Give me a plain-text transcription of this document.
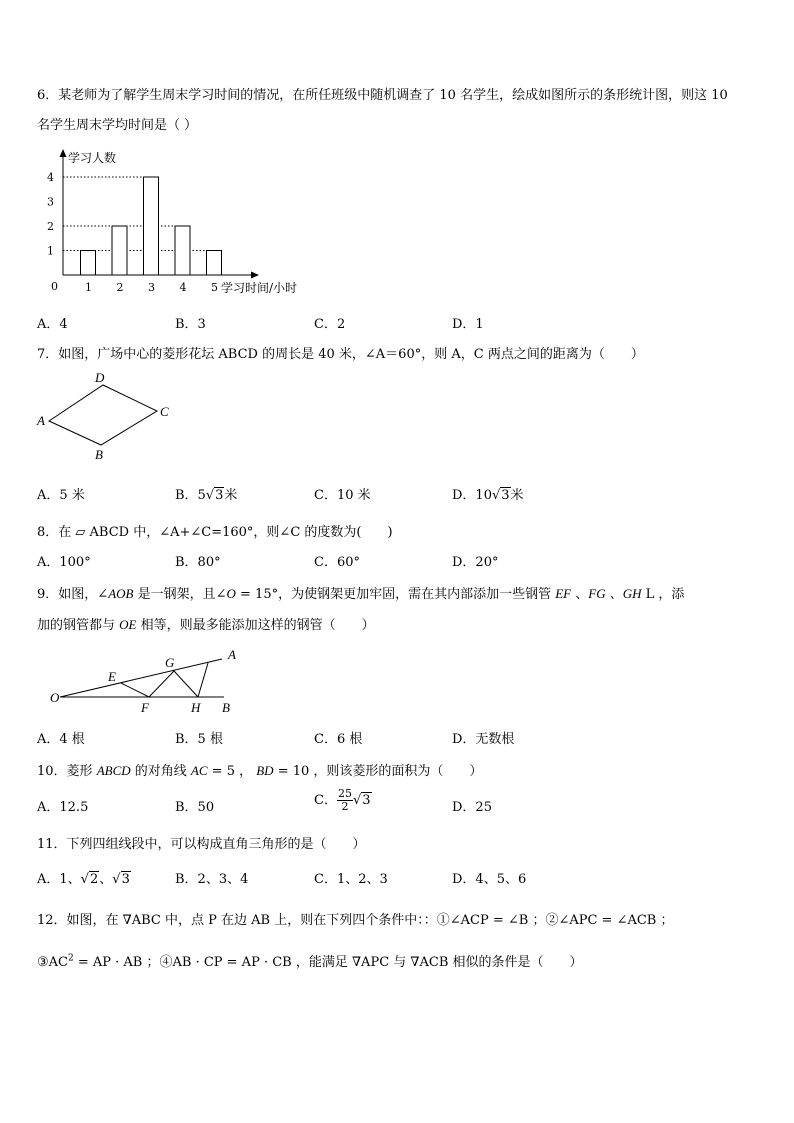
6．某老师为了解学生周末学习时间的情况，在所任班级中随机调查了 10 名学生，绘成如图所示的条形统计图，则这 10
名学生周末学均时间是（ ）
学习人数
学习时间/小时
0 1 2 3 4 5
1
2
3
4
A．4	B．3	C．2	D．1
7．如图，广场中心的菱形花坛 ABCD 的周长是 40 米，∠A＝60°，则 A，C 两点之间的距离为（　　）
A
D
C
B
A．5 米	B．5√3米	C．10 米	D．10√3米
8．在 ▱ ABCD 中，∠A+∠C=160°，则∠C 的度数为(　　)
A．100°	B．80°	C．60°	D．20°
9．如图，∠AOB 是一钢架，且∠O = 15°，为使钢架更加牢固，需在其内部添加一些钢管 EF 、FG 、GH L ，添
加的钢管都与 OE 相等，则最多能添加这样的钢管（　　）
O
E
F
G
H
A
B
A．4 根	B．5 根	C．6 根	D．无数根
10．菱形 ABCD 的对角线 AC = 5 ， BD = 10 ，则该菱形的面积为（　　）
A．12.5	B．50	C． $\frac{25}{2} √3$	D．25
11．下列四组线段中，可以构成直角三角形的是（　　）
A．1、√2、√3	B．2、3、4	C．1、2、3	D．4、5、6
12．如图，在 ∇ABC 中，点 P 在边 AB 上，则在下列四个条件中：：①∠ACP = ∠B ；②∠APC = ∠ACB ；
$③AC^2$ = AP · AB ；④AB · CP = AP · CB ，能满足 ∇APC 与 ∇ACB 相似的条件是（　　）
